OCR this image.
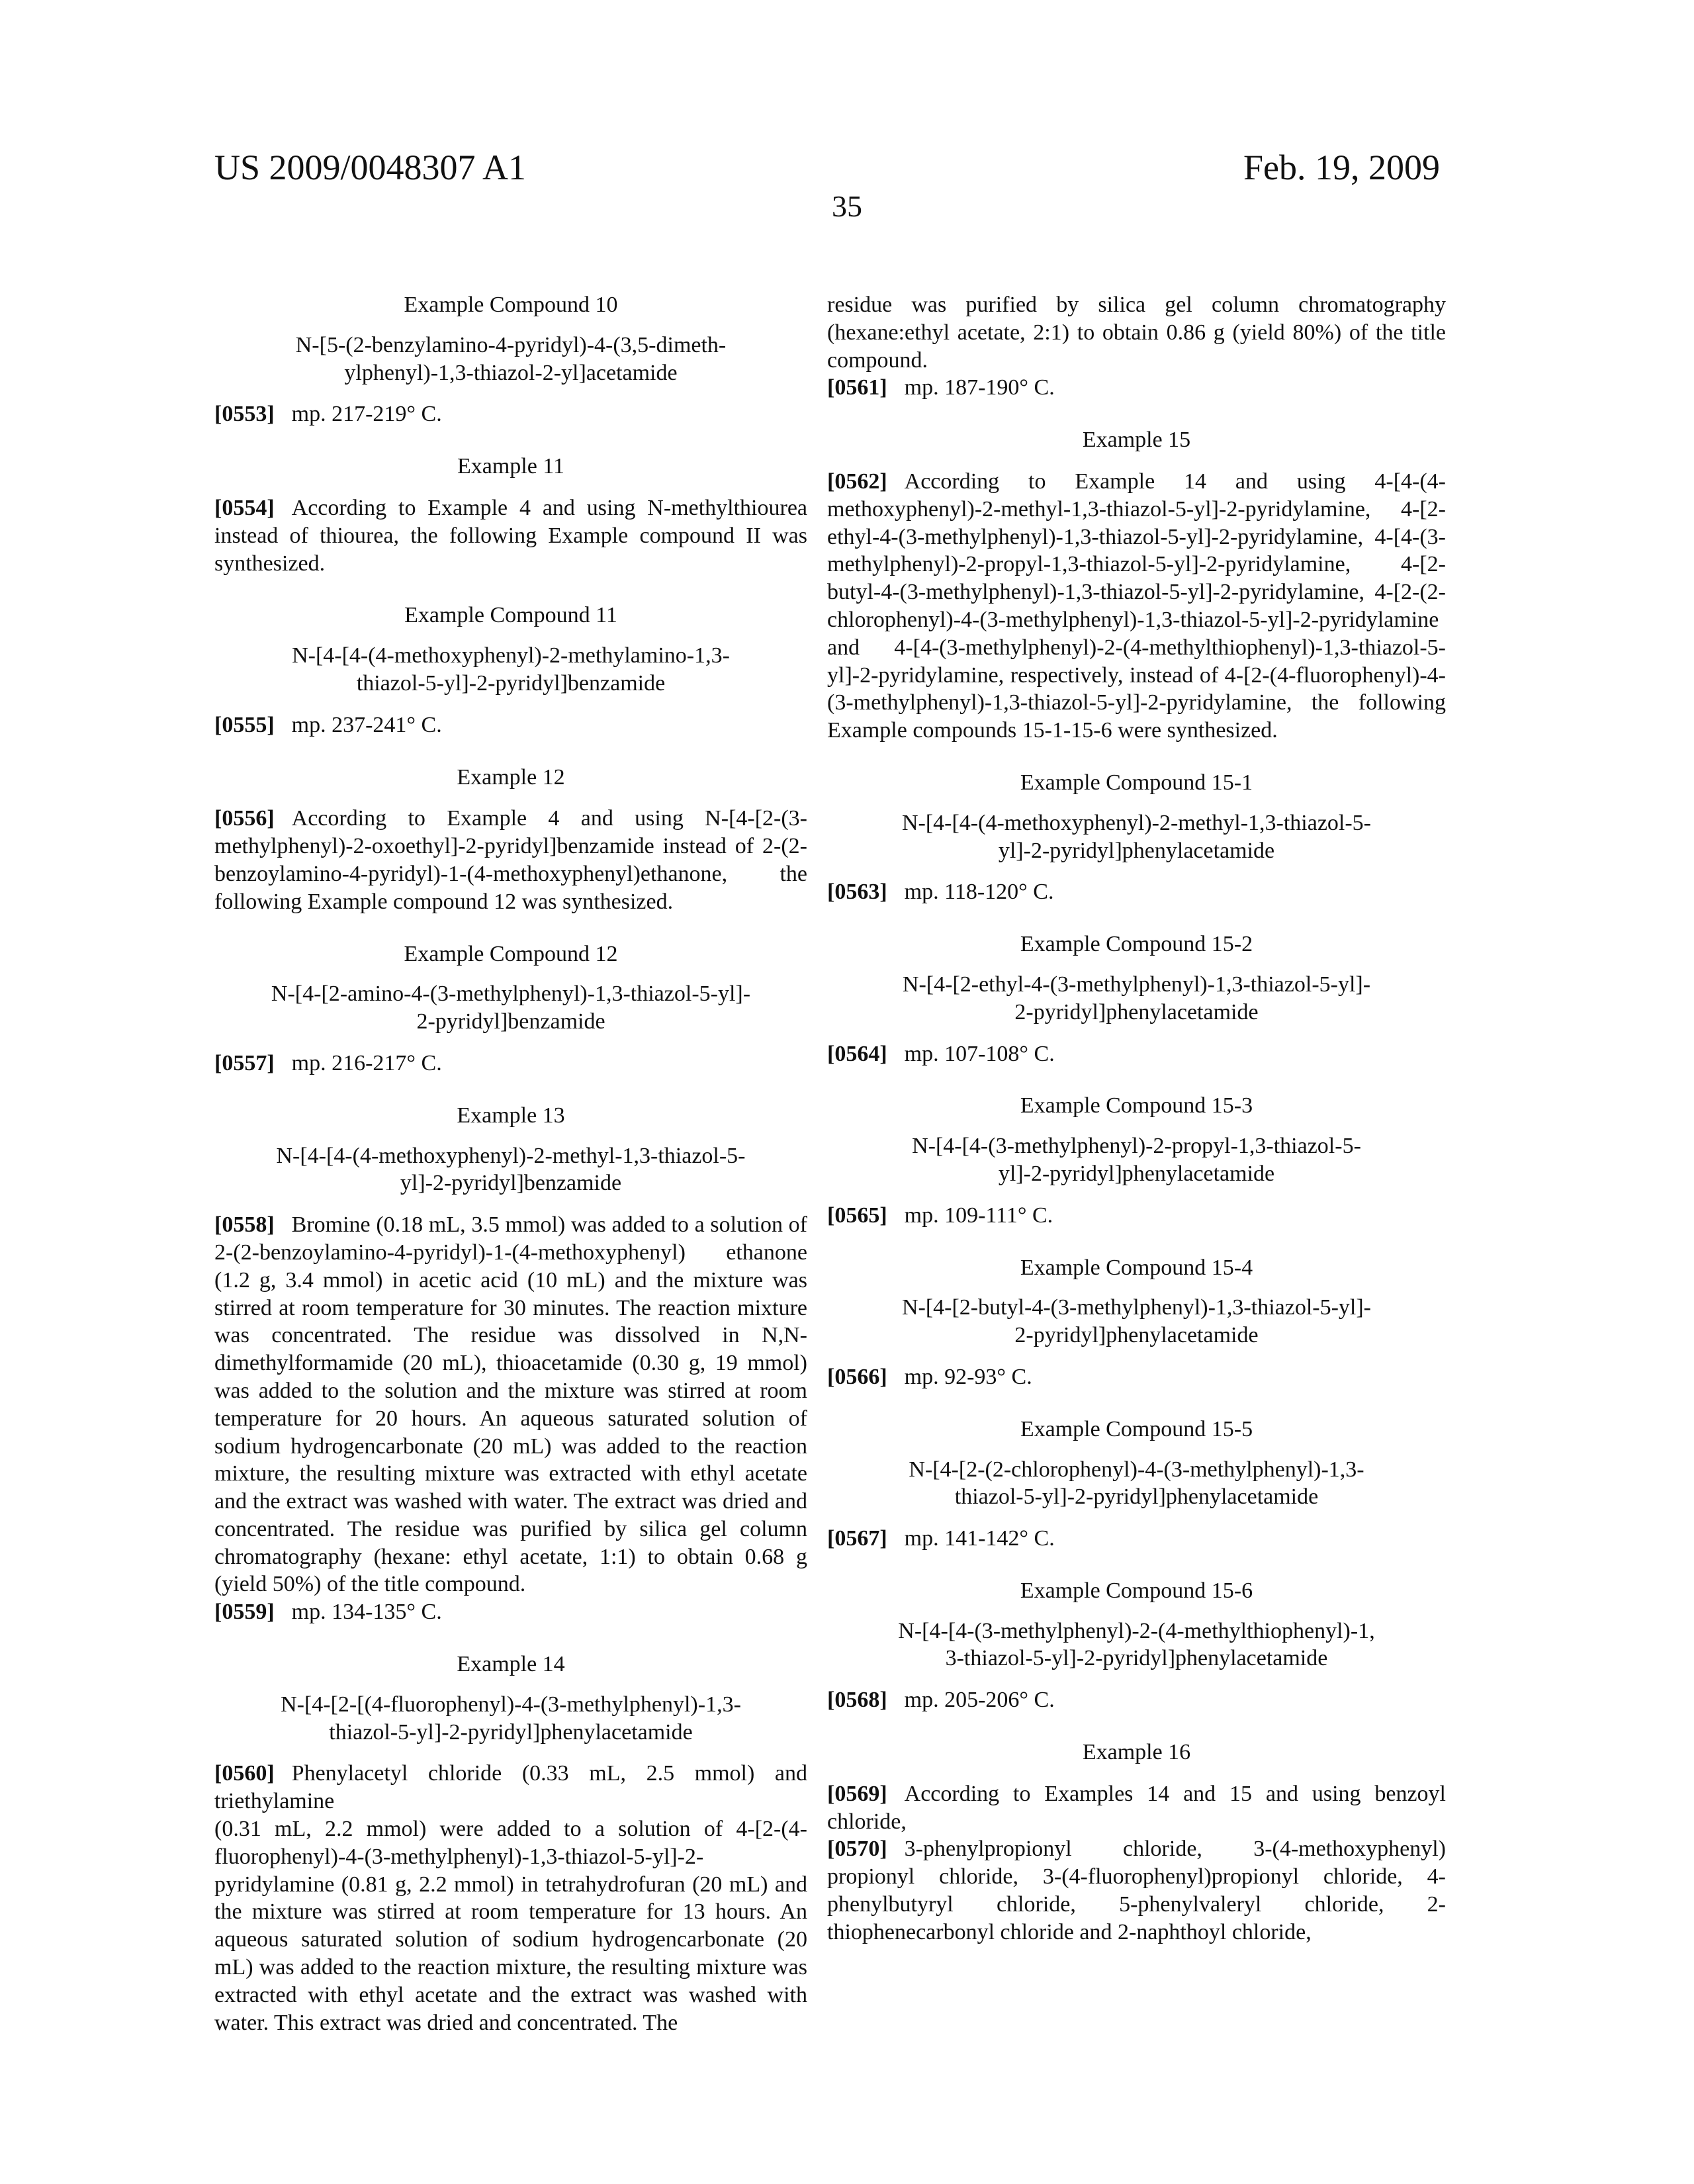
US 2009/0048307 A1	Feb. 19, 2009
35
Example Compound 10
N-[5-(2-benzylamino-4-pyridyl)-4-(3,5-dimeth-
ylphenyl)-1,3-thiazol-2-yl]acetamide
[0553] mp. 217-219° C.
Example 11
[0554] According to Example 4 and using N-methylthiourea instead of thiourea, the following Example compound II was synthesized.
Example Compound 11
N-[4-[4-(4-methoxyphenyl)-2-methylamino-1,3-
thiazol-5-yl]-2-pyridyl]benzamide
[0555] mp. 237-241° C.
Example 12
[0556] According to Example 4 and using N-[4-[2-(3-methylphenyl)-2-oxoethyl]-2-pyridyl]benzamide instead of 2-(2-benzoylamino-4-pyridyl)-1-(4-methoxyphenyl)ethanone, the following Example compound 12 was synthesized.
Example Compound 12
N-[4-[2-amino-4-(3-methylphenyl)-1,3-thiazol-5-yl]-
2-pyridyl]benzamide
[0557] mp. 216-217° C.
Example 13
N-[4-[4-(4-methoxyphenyl)-2-methyl-1,3-thiazol-5-
yl]-2-pyridyl]benzamide
[0558] Bromine (0.18 mL, 3.5 mmol) was added to a solution of 2-(2-benzoylamino-4-pyridyl)-1-(4-methoxyphenyl) ethanone (1.2 g, 3.4 mmol) in acetic acid (10 mL) and the mixture was stirred at room temperature for 30 minutes. The reaction mixture was concentrated. The residue was dissolved in N,N-dimethylformamide (20 mL), thioacetamide (0.30 g, 19 mmol) was added to the solution and the mixture was stirred at room temperature for 20 hours. An aqueous saturated solution of sodium hydrogencarbonate (20 mL) was added to the reaction mixture, the resulting mixture was extracted with ethyl acetate and the extract was washed with water. The extract was dried and concentrated. The residue was purified by silica gel column chromatography (hexane: ethyl acetate, 1:1) to obtain 0.68 g (yield 50%) of the title compound.
[0559] mp. 134-135° C.
Example 14
N-[4-[2-[(4-fluorophenyl)-4-(3-methylphenyl)-1,3-
thiazol-5-yl]-2-pyridyl]phenylacetamide
[0560] Phenylacetyl chloride (0.33 mL, 2.5 mmol) and triethylamine
(0.31 mL, 2.2 mmol) were added to a solution of 4-[2-(4-fluorophenyl)-4-(3-methylphenyl)-1,3-thiazol-5-yl]-2-pyridylamine (0.81 g, 2.2 mmol) in tetrahydrofuran (20 mL) and the mixture was stirred at room temperature for 13 hours. An aqueous saturated solution of sodium hydrogencarbonate (20 mL) was added to the reaction mixture, the resulting mixture was extracted with ethyl acetate and the extract was washed with water. This extract was dried and concentrated. The
residue was purified by silica gel column chromatography (hexane:ethyl acetate, 2:1) to obtain 0.86 g (yield 80%) of the title compound.
[0561] mp. 187-190° C.
Example 15
[0562] According to Example 14 and using 4-[4-(4-methoxyphenyl)-2-methyl-1,3-thiazol-5-yl]-2-pyridylamine, 4-[2-ethyl-4-(3-methylphenyl)-1,3-thiazol-5-yl]-2-pyridylamine, 4-[4-(3-methylphenyl)-2-propyl-1,3-thiazol-5-yl]-2-pyridylamine, 4-[2-butyl-4-(3-methylphenyl)-1,3-thiazol-5-yl]-2-pyridylamine, 4-[2-(2-chlorophenyl)-4-(3-methylphenyl)-1,3-thiazol-5-yl]-2-pyridylamine and 4-[4-(3-methylphenyl)-2-(4-methylthiophenyl)-1,3-thiazol-5-yl]-2-pyridylamine, respectively, instead of 4-[2-(4-fluorophenyl)-4-(3-methylphenyl)-1,3-thiazol-5-yl]-2-pyridylamine, the following Example compounds 15-1-15-6 were synthesized.
Example Compound 15-1
N-[4-[4-(4-methoxyphenyl)-2-methyl-1,3-thiazol-5-
yl]-2-pyridyl]phenylacetamide
[0563] mp. 118-120° C.
Example Compound 15-2
N-[4-[2-ethyl-4-(3-methylphenyl)-1,3-thiazol-5-yl]-
2-pyridyl]phenylacetamide
[0564] mp. 107-108° C.
Example Compound 15-3
N-[4-[4-(3-methylphenyl)-2-propyl-1,3-thiazol-5-
yl]-2-pyridyl]phenylacetamide
[0565] mp. 109-111° C.
Example Compound 15-4
N-[4-[2-butyl-4-(3-methylphenyl)-1,3-thiazol-5-yl]-
2-pyridyl]phenylacetamide
[0566] mp. 92-93° C.
Example Compound 15-5
N-[4-[2-(2-chlorophenyl)-4-(3-methylphenyl)-1,3-
thiazol-5-yl]-2-pyridyl]phenylacetamide
[0567] mp. 141-142° C.
Example Compound 15-6
N-[4-[4-(3-methylphenyl)-2-(4-methylthiophenyl)-1,
3-thiazol-5-yl]-2-pyridyl]phenylacetamide
[0568] mp. 205-206° C.
Example 16
[0569] According to Examples 14 and 15 and using benzoyl chloride,
[0570] 3-phenylpropionyl chloride, 3-(4-methoxyphenyl) propionyl chloride, 3-(4-fluorophenyl)propionyl chloride, 4-phenylbutyryl chloride, 5-phenylvaleryl chloride, 2-thiophenecarbonyl chloride and 2-naphthoyl chloride,
